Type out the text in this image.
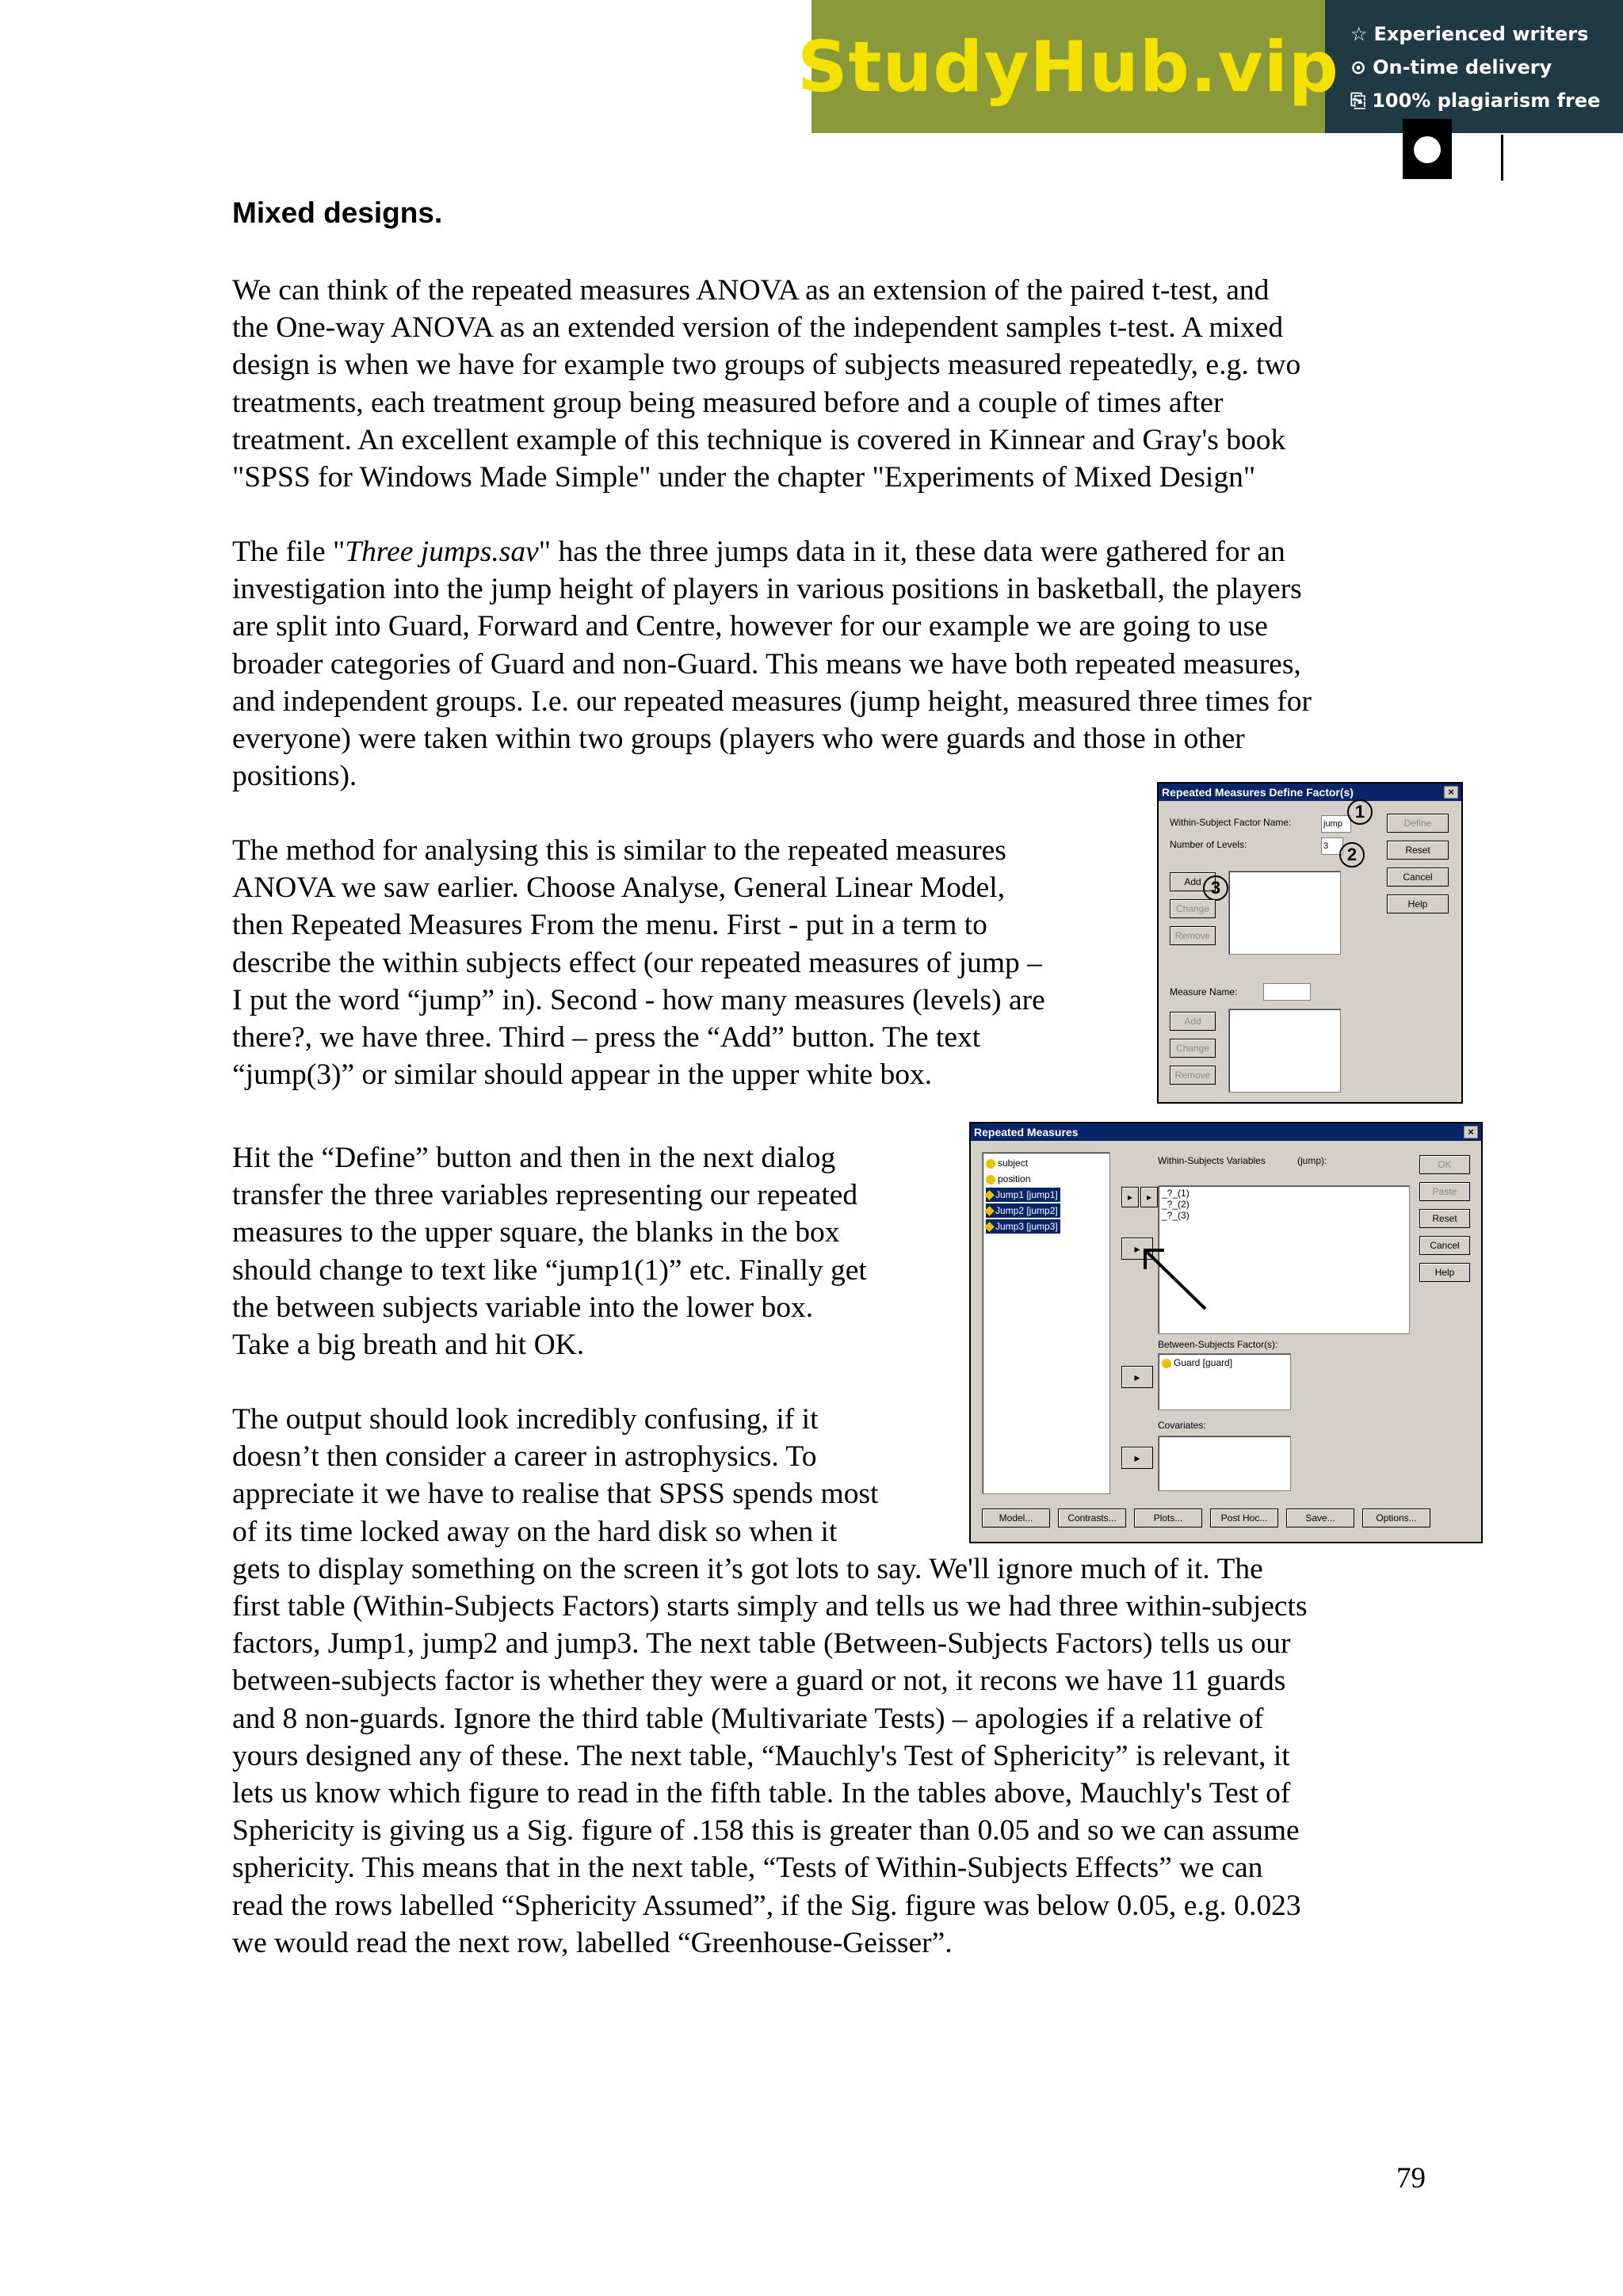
StudyHub.vip ☆ Experienced writers
⊙ On-time delivery
⎘ 100% plagiarism free
Mixed designs.
We can think of the repeated measures ANOVA as an extension of the paired t-test, and
the One-way ANOVA as an extended version of the independent samples t-test. A mixed
design is when we have for example two groups of subjects measured repeatedly, e.g. two
treatments, each treatment group being measured before and a couple of times after
treatment. An excellent example of this technique is covered in Kinnear and Gray's book
"SPSS for Windows Made Simple" under the chapter "Experiments of Mixed Design"
The file "Three jumps.sav" has the three jumps data in it, these data were gathered for an
investigation into the jump height of players in various positions in basketball, the players
are split into Guard, Forward and Centre, however for our example we are going to use
broader categories of Guard and non-Guard. This means we have both repeated measures,
and independent groups. I.e. our repeated measures (jump height, measured three times for
everyone) were taken within two groups (players who were guards and those in other
positions).
The method for analysing this is similar to the repeated measures
ANOVA we saw earlier. Choose Analyse, General Linear Model,
then Repeated Measures From the menu. First - put in a term to
describe the within subjects effect (our repeated measures of jump –
I put the word “jump” in). Second - how many measures (levels) are
there?, we have three. Third – press the “Add” button. The text
“jump(3)” or similar should appear in the upper white box.
Hit the “Define” button and then in the next dialog
transfer the three variables representing our repeated
measures to the upper square, the blanks in the box
should change to text like “jump1(1)” etc. Finally get
the between subjects variable into the lower box.
Take a big breath and hit OK.
The output should look incredibly confusing, if it
doesn’t then consider a career in astrophysics. To
appreciate it we have to realise that SPSS spends most
of its time locked away on the hard disk so when it
gets to display something on the screen it’s got lots to say. We'll ignore much of it. The
first table (Within-Subjects Factors) starts simply and tells us we had three within-subjects
factors, Jump1, jump2 and jump3. The next table (Between-Subjects Factors) tells us our
between-subjects factor is whether they were a guard or not, it recons we have 11 guards
and 8 non-guards. Ignore the third table (Multivariate Tests) – apologies if a relative of
yours designed any of these. The next table, “Mauchly's Test of Sphericity” is relevant, it
lets us know which figure to read in the fifth table. In the tables above, Mauchly's Test of
Sphericity is giving us a Sig. figure of .158 this is greater than 0.05 and so we can assume
sphericity. This means that in the next table, “Tests of Within-Subjects Effects” we can
read the rows labelled “Sphericity Assumed”, if the Sig. figure was below 0.05, e.g. 0.023
we would read the next row, labelled “Greenhouse-Geisser”.
Repeated Measures Define Factor(s)	×
Within-Subject Factor Name:	jump
1
Number of Levels:	3	2
Define
Reset
Cancel
Help
Add 3
Change
Remove
Measure Name:
Add
Change
Remove
Repeated Measures	×
subject
position
Jump1 [jump1]
Jump2 [jump2]
Jump3 [jump3]
Within-Subjects Variables	(jump):
▸	▸	_?_(1)
_?_(2)
_?_(3)
▸
Between-Subjects Factor(s):
▸
Guard [guard]
Covariates:
▸
OK
Paste
Reset
Cancel
Help
Model...	Contrasts...	Plots...	Post Hoc...	Save...	Options...
79
